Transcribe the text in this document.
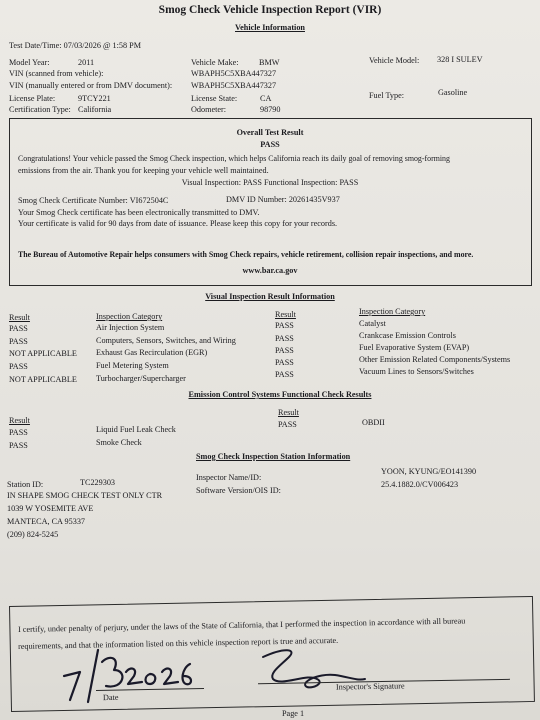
Smog Check Vehicle Inspection Report (VIR)
Vehicle Information
Test Date/Time: 07/03/2026 @ 1:58 PM
Model Year:	2011	Vehicle Make: BMW	Vehicle Model: 328 I SULEV
VIN (scanned from vehicle):	WBAPH5C5XBA447327
VIN (manually entered or from DMV document): WBAPH5C5XBA447327
License Plate:	9TCY221	License State:	CA	Fuel Type:	Gasoline
Certification Type: California	Odometer:	98790
Overall Test Result
PASS
Congratulations! Your vehicle passed the Smog Check inspection, which helps California reach its daily goal of removing smog-forming
emissions from the air. Thank you for keeping your vehicle well maintained.
Visual Inspection: PASS Functional Inspection: PASS
Smog Check Certificate Number: VI672504C	DMV ID Number: 20261435V937
Your Smog Check certificate has been electronically transmitted to DMV.
Your certificate is valid for 90 days from date of issuance. Please keep this copy for your records.
The Bureau of Automotive Repair helps consumers with Smog Check repairs, vehicle retirement, collision repair inspections, and more.
www.bar.ca.gov
Visual Inspection Result Information
Result	Inspection Category	Result	Inspection Category
PASS	Air Injection System
PASS	Computers, Sensors, Switches, and Wiring
NOT APPLICABLE Exhaust Gas Recirculation (EGR)
PASS	Fuel Metering System
NOT APPLICABLE Turbocharger/Supercharger
PASS	Catalyst
PASS	Crankcase Emission Controls
PASS	Fuel Evaporative System (EVAP)
PASS	Other Emission Related Components/Systems
PASS	Vacuum Lines to Sensors/Switches
Emission Control Systems Functional Check Results
Result
Result
PASS	Liquid Fuel Leak Check
PASS	Smoke Check
PASS	OBDII
Smog Check Inspection Station Information
Station ID:	TC229303
IN SHAPE SMOG CHECK TEST ONLY CTR
1039 W YOSEMITE AVE
MANTECA, CA 95337
(209) 824-5245
Inspector Name/ID:
YOON, KYUNG/EO141390
Software Version/OIS ID:
25.4.1882.0/CV006423
I certify, under penalty of perjury, under the laws of the State of California, that I performed the inspection in accordance with all bureau
requirements, and that the information listed on this vehicle inspection report is true and accurate.
Date
Inspector's Signature
Page 1
